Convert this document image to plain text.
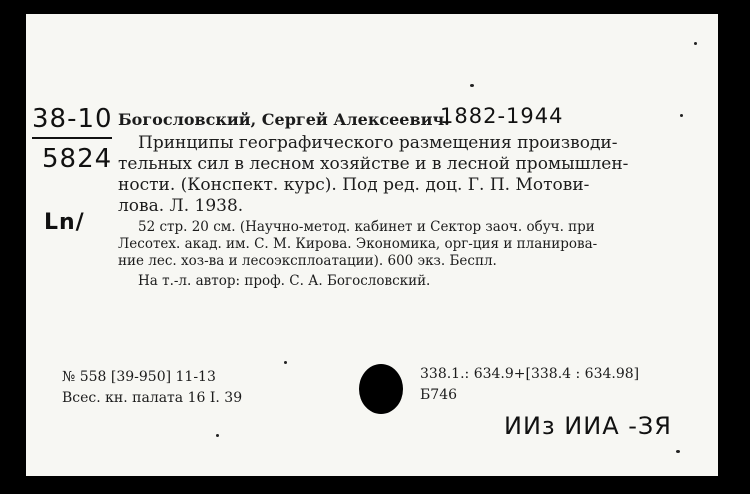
38-10
5824
Ln/
Богословский, Сергей Алексеевич.
1882-1944
Принципы географического размещения производи-
тельных сил в лесном хозяйстве и в лесной промышлен-
ности. (Конспект. курс). Под ред. доц. Г. П. Мотови-
лова. Л. 1938.
52 стр. 20 см. (Научно-метод. кабинет и Сектор заоч. обуч. при
Лесотех. акад. им. С. М. Кирова. Экономика, орг-ция и планирова-
ние лес. хоз-ва и лесоэксплоатации). 600 экз. Беспл.
На т.-л. автор: проф. С. А. Богословский.
№ 558 [39-950] 11-13
Всес. кн. палата 16 I. 39
338.1.: 634.9+[338.4 : 634.98]
Б746
ИИз ИИА -ЗЯ
